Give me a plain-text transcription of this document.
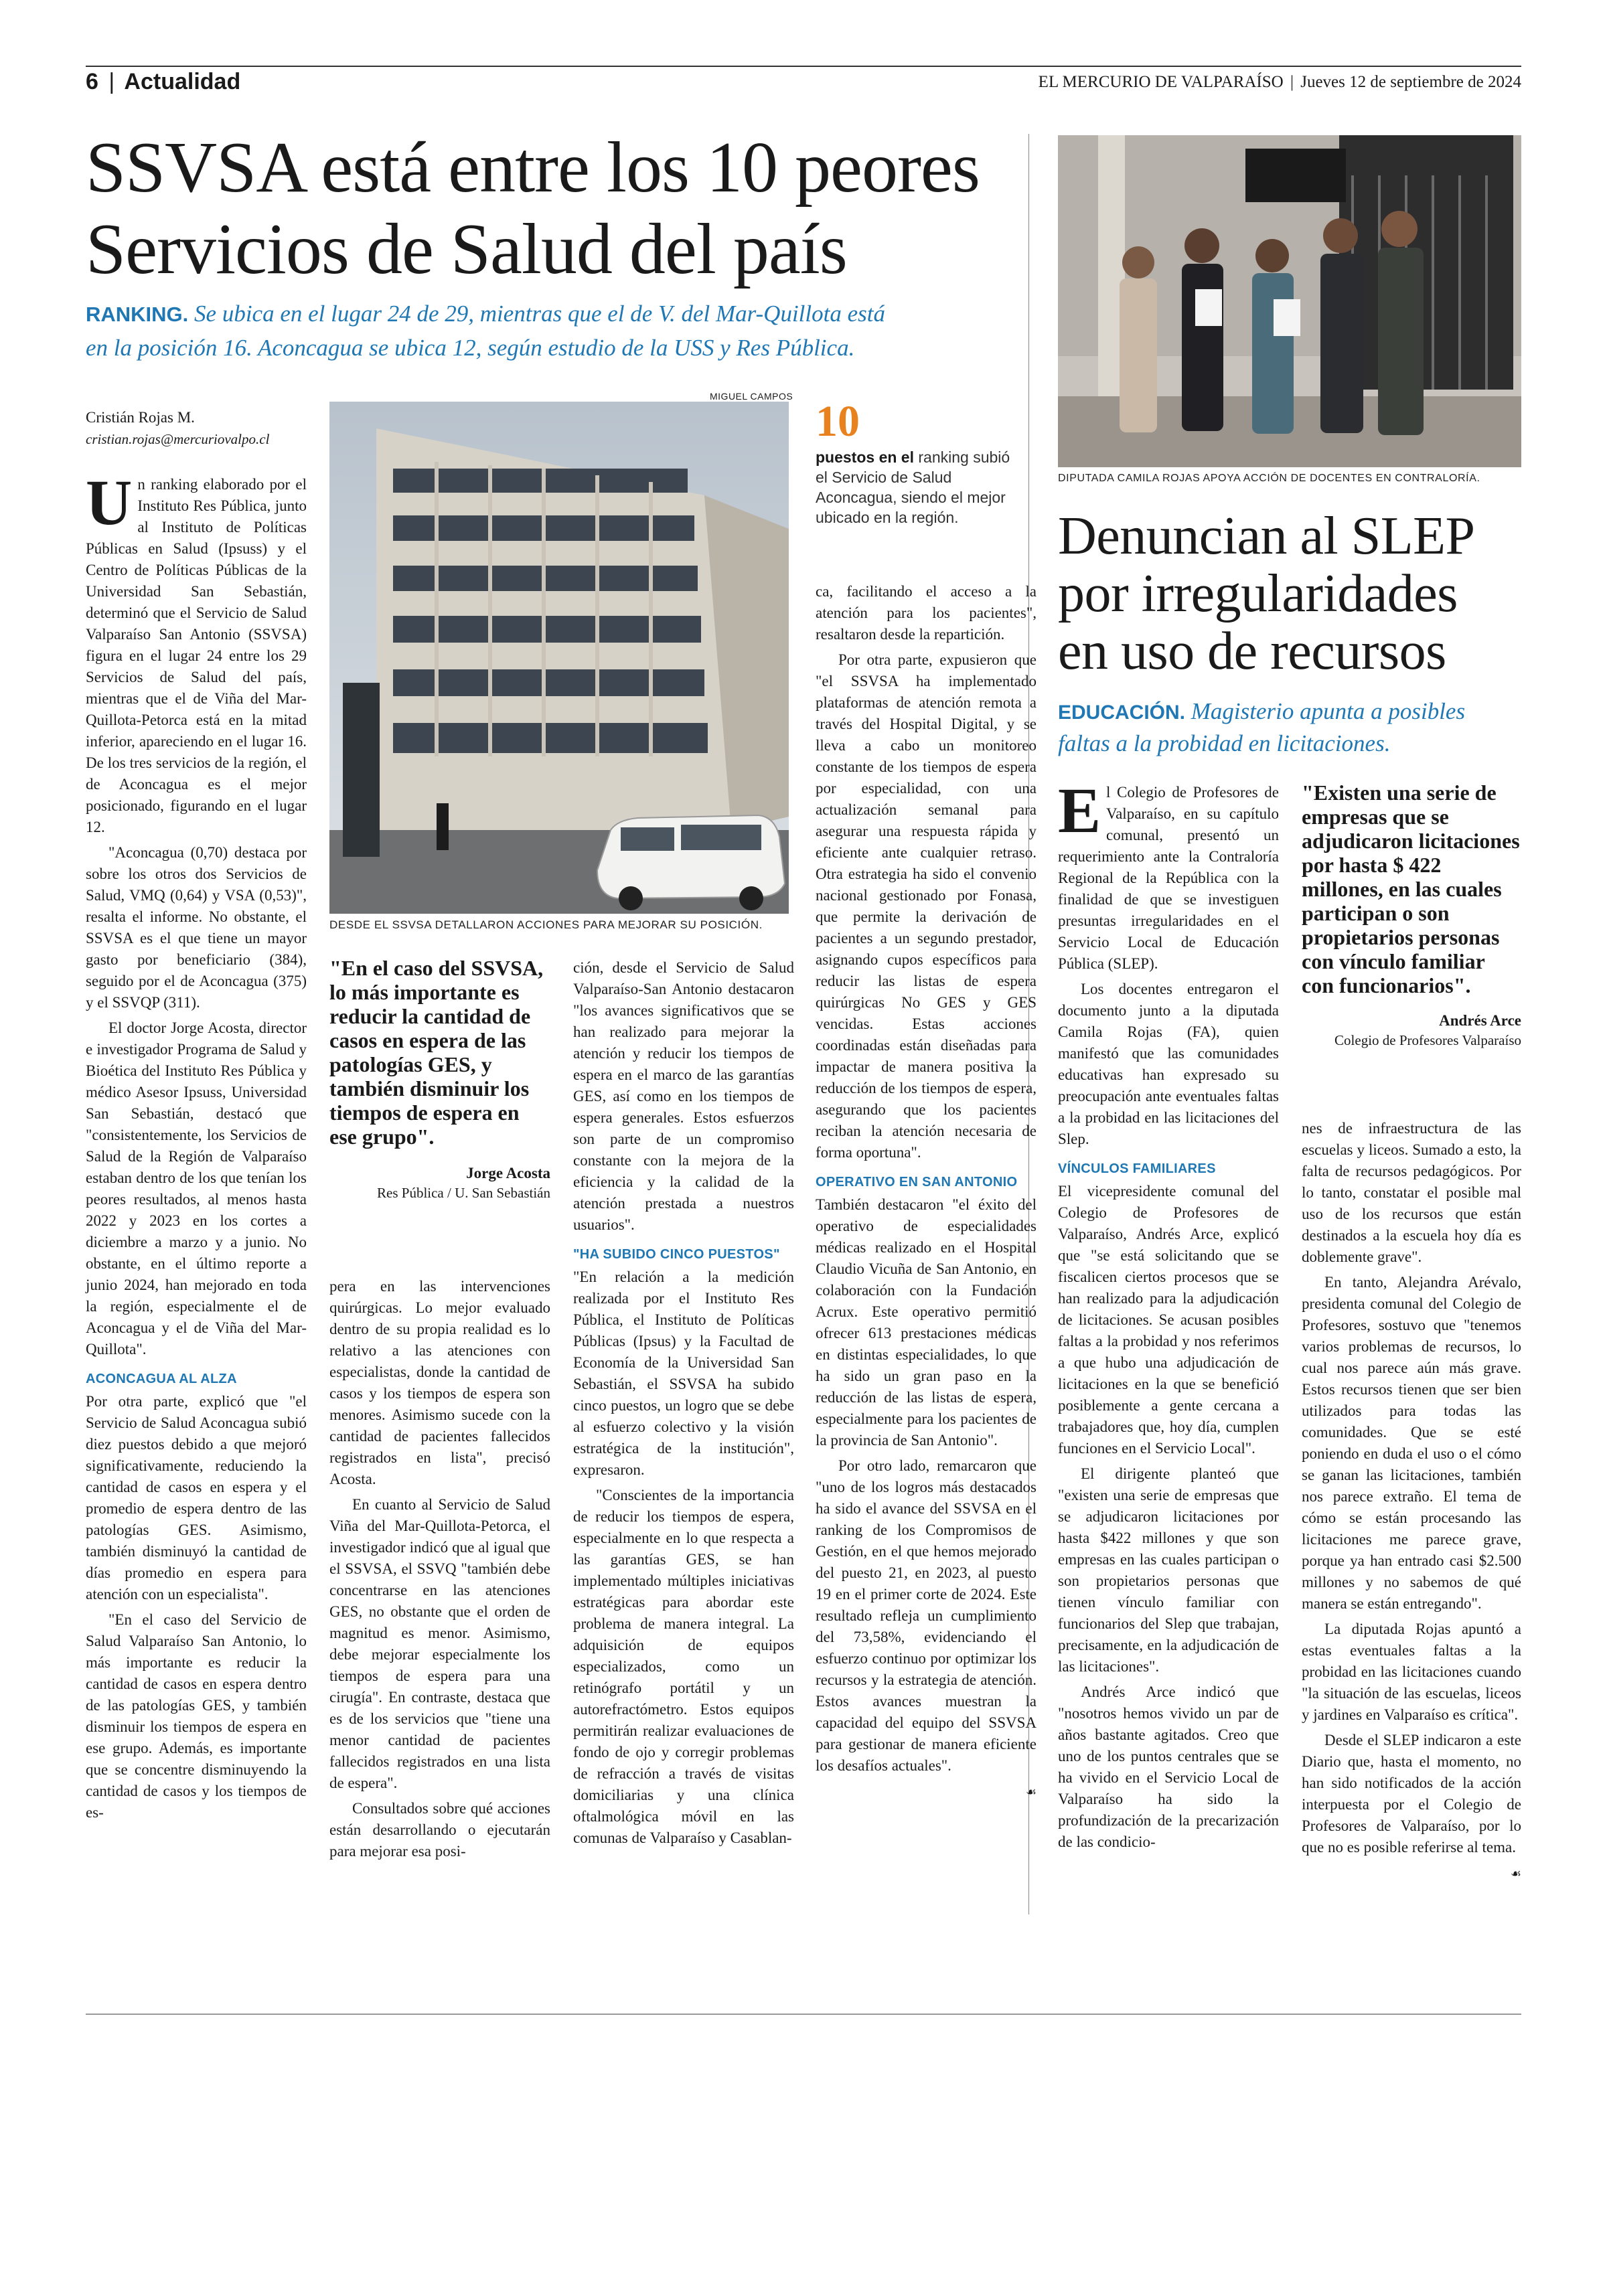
6 | Actualidad	EL MERCURIO DE VALPARAÍSO | Jueves 12 de septiembre de 2024
SSVSA está entre los 10 peores
Servicios de Salud del país
RANKING. Se ubica en el lugar 24 de 29, mientras que el de V. del Mar-Quillota está
en la posición 16. Aconcagua se ubica 12, según estudio de la USS y Res Pública.
Cristián Rojas M.
cristian.rojas@mercuriovalpo.cl
MIGUEL CAMPOS
DESDE EL SSVSA DETALLARON ACCIONES PARA MEJORAR SU POSICIÓN.
10
puestos en el ranking subió el Servicio de Salud Aconcagua, siendo el mejor ubicado en la región.

Un ranking elaborado por el Instituto Res Pública, junto al Instituto de Políticas Públicas en Salud (Ipsuss) y el Centro de Políticas Públicas de la Universidad San Sebastián, determinó que el Servicio de Salud Valparaíso San Antonio (SSVSA) figura en el lugar 24 entre los 29 Servicios de Salud del país, mientras que el de Viña del Mar-Quillota-Petorca está en la mitad inferior, apareciendo en el lugar 16. De los tres servicios de la región, el de Aconcagua es el mejor posicionado, figurando en el lugar 12.

"Aconcagua (0,70) destaca por sobre los otros dos Servicios de Salud, VMQ (0,64) y VSA (0,53)", resalta el informe. No obstante, el SSVSA es el que tiene un mayor gasto por beneficiario (384), seguido por el de Aconcagua (375) y el SSVQP (311).

El doctor Jorge Acosta, director e investigador Programa de Salud y Bioética del Instituto Res Pública y médico Asesor Ipsuss, Universidad San Sebastián, destacó que "consistentemente, los Servicios de Salud de la Región de Valparaíso estaban dentro de los que tenían los peores resultados, al menos hasta 2022 y 2023 en los cortes a diciembre a marzo y a junio. No obstante, en el último reporte a junio 2024, han mejorado en toda la región, especialmente el de Aconcagua y el de Viña del Mar-Quillota".

ACONCAGUA AL ALZA

Por otra parte, explicó que "el Servicio de Salud Aconcagua subió diez puestos debido a que mejoró significativamente, reduciendo la cantidad de casos en espera y el promedio de espera dentro de las patologías GES. Asimismo, también disminuyó la cantidad de días promedio en espera para atención con un especialista".

"En el caso del Servicio de Salud Valparaíso San Antonio, lo más importante es reducir la cantidad de casos en espera dentro de las patologías GES, y también disminuir los tiempos de espera en ese grupo. Además, es importante que se concentre disminuyendo la cantidad de casos y los tiempos de es-

"En el caso del SSVSA, lo más importante es reducir la cantidad de casos en espera de las patologías GES, y también disminuir los tiempos de espera en ese grupo".
Jorge Acosta
Res Pública / U. San Sebastián

pera en las intervenciones quirúrgicas. Lo mejor evaluado dentro de su propia realidad es lo relativo a las atenciones con especialistas, donde la cantidad de casos y los tiempos de espera son menores. Asimismo sucede con la cantidad de pacientes fallecidos registrados en lista", precisó Acosta.

En cuanto al Servicio de Salud Viña del Mar-Quillota-Petorca, el investigador indicó que al igual que el SSVSA, el SSVQ "también debe concentrarse en las atenciones GES, no obstante que el orden de magnitud es menor. Asimismo, debe mejorar especialmente los tiempos de espera para una cirugía". En contraste, destaca que es de los servicios que "tiene una menor cantidad de pacientes fallecidos registrados en una lista de espera".

Consultados sobre qué acciones están desarrollando o ejecutarán para mejorar esa posi-

ción, desde el Servicio de Salud Valparaíso-San Antonio destacaron "los avances significativos que se han realizado para mejorar la atención y reducir los tiempos de espera en el marco de las garantías GES, así como en los tiempos de espera generales. Estos esfuerzos son parte de un compromiso constante con la mejora de la eficiencia y la calidad de la atención prestada a nuestros usuarios".

"HA SUBIDO CINCO PUESTOS"

"En relación a la medición realizada por el Instituto Res Pública, el Instituto de Políticas Públicas (Ipsus) y la Facultad de Economía de la Universidad San Sebastián, el SSVSA ha subido cinco puestos, un logro que se debe al esfuerzo colectivo y la visión estratégica de la institución", expresaron.

"Conscientes de la importancia de reducir los tiempos de espera, especialmente en lo que respecta a las garantías GES, se han implementado múltiples iniciativas estratégicas para abordar este problema de manera integral. La adquisición de equipos especializados, como un retinógrafo portátil y un autorefractómetro. Estos equipos permitirán realizar evaluaciones de fondo de ojo y corregir problemas de refracción a través de visitas domiciliarias y una clínica oftalmológica móvil en las comunas de Valparaíso y Casablan-

ca, facilitando el acceso a la atención para los pacientes", resaltaron desde la repartición.

Por otra parte, expusieron que "el SSVSA ha implementado plataformas de atención remota a través del Hospital Digital, y se lleva a cabo un monitoreo constante de los tiempos de espera por especialidad, con una actualización semanal para asegurar una respuesta rápida y eficiente ante cualquier retraso. Otra estrategia ha sido el convenio nacional gestionado por Fonasa, que permite la derivación de pacientes a un segundo prestador, asignando cupos específicos para reducir las listas de espera quirúrgicas No GES y GES vencidas. Estas acciones coordinadas están diseñadas para impactar de manera positiva la reducción de los tiempos de espera, asegurando que los pacientes reciban la atención necesaria de forma oportuna".

OPERATIVO EN SAN ANTONIO

También destacaron "el éxito del operativo de especialidades médicas realizado en el Hospital Claudio Vicuña de San Antonio, en colaboración con la Fundación Acrux. Este operativo permitió ofrecer 613 prestaciones médicas en distintas especialidades, lo que ha sido un gran paso en la reducción de las listas de espera, especialmente para los pacientes de la provincia de San Antonio".

Por otro lado, remarcaron que "uno de los logros más destacados ha sido el avance del SSVSA en el ranking de los Compromisos de Gestión, en el que hemos mejorado del puesto 21, en 2023, al puesto 19 en el primer corte de 2024. Este resultado refleja un cumplimiento del 73,58%, evidenciando el esfuerzo continuo por optimizar los recursos y la estrategia de atención. Estos avances muestran la capacidad del equipo del SSVSA para gestionar de manera eficiente los desafíos actuales".

☙
DIPUTADA CAMILA ROJAS APOYA ACCIÓN DE DOCENTES EN CONTRALORÍA.
Denuncian al SLEP
por irregularidades
en uso de recursos
EDUCACIÓN. Magisterio apunta a posibles
faltas a la probidad en licitaciones.

El Colegio de Profesores de Valparaíso, en su capítulo comunal, presentó un requerimiento ante la Contraloría Regional de la República con la finalidad de que se investiguen presuntas irregularidades en el Servicio Local de Educación Pública (SLEP).

Los docentes entregaron el documento junto a la diputada Camila Rojas (FA), quien manifestó que las comunidades educativas han expresado su preocupación ante eventuales faltas a la probidad en las licitaciones del Slep.

VÍNCULOS FAMILIARES

El vicepresidente comunal del Colegio de Profesores de Valparaíso, Andrés Arce, explicó que "se está solicitando que se fiscalicen ciertos procesos que se han realizado para la adjudicación de licitaciones. Se acusan posibles faltas a la probidad y nos referimos a que hubo una adjudicación de licitaciones en la que se benefició posiblemente a gente cercana a trabajadores que, hoy día, cumplen funciones en el Servicio Local".

El dirigente planteó que "existen una serie de empresas que se adjudicaron licitaciones por hasta $422 millones y que son empresas en las cuales participan o son propietarios personas que tienen vínculo familiar con funcionarios del Slep que trabajan, precisamente, en la adjudicación de las licitaciones".

Andrés Arce indicó que "nosotros hemos vivido un par de años bastante agitados. Creo que uno de los puntos centrales que se ha vivido en el Servicio Local de Valparaíso ha sido la profundización de la precarización de las condicio-

"Existen una serie de empresas que se adjudicaron licitaciones por hasta $ 422 millones, en las cuales participan o son propietarios personas con vínculo familiar con funcionarios".
Andrés Arce
Colegio de Profesores Valparaíso

nes de infraestructura de las escuelas y liceos. Sumado a esto, la falta de recursos pedagógicos. Por lo tanto, constatar el posible mal uso de los recursos que están destinados a la escuela hoy día es doblemente grave".

En tanto, Alejandra Arévalo, presidenta comunal del Colegio de Profesores, sostuvo que "tenemos varios problemas de recursos, lo cual nos parece aún más grave. Estos recursos tienen que ser bien utilizados para todas las comunidades. Que se esté poniendo en duda el uso o el cómo se ganan las licitaciones, también nos parece extraño. El tema de cómo se están procesando las licitaciones me parece grave, porque ya han entrado casi $2.500 millones y no sabemos de qué manera se están entregando".

La diputada Rojas apuntó a estas eventuales faltas a la probidad en las licitaciones cuando "la situación de las escuelas, liceos y jardines en Valparaíso es crítica".

Desde el SLEP indicaron a este Diario que, hasta el momento, no han sido notificados de la acción interpuesta por el Colegio de Profesores de Valparaíso, por lo que no es posible referirse al tema.

☙
